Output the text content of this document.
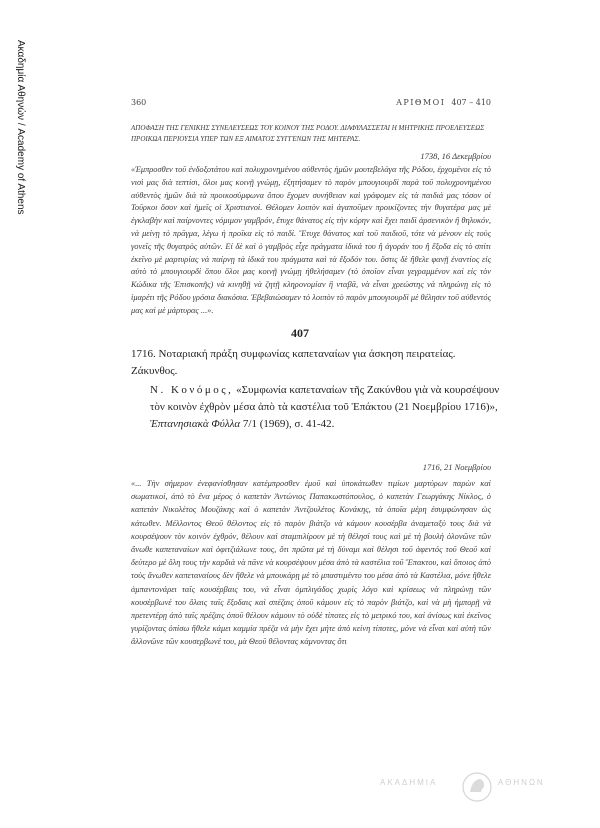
Ακαδημία Αθηνών / Academy of Athens	360	ΑΡΙΘΜΟΙ 407 – 410
ΑΠΟΦΑΣΗ ΤΗΣ ΓΕΝΙΚΗΣ ΣΥΝΕΛΕΥΣΕΩΣ ΤΟΥ ΚΟΙΝΟΥ ΤΗΣ ΡΟΔΟΥ. ΔΙΑΦΥΛΑΣΣΕΤΑΙ Η ΜΗΤΡΙΚΗΣ ΠΡΟΕΛΕΥΣΕΩΣ ΠΡΟΙΚΩΑ ΠΕΡΙΟΥΣΙΑ ΥΠΕΡ ΤΩΝ ΕΞ ΑΙΜΑΤΟΣ ΣΥΓΓΕΝΩΝ ΤΗΣ ΜΗΤΕΡΑΣ.
1738, 16 Δεκεμβρίου
«Έμπροσθεν τοῦ ἐνδοξοτάτου καὶ πολυχρονημένου αὐθεντὸς ἡμῶν μουτεβελάγα τῆς Ρόδου, ἐρχομένοι εἰς τὸ νισὶ μας διὰ τεπτίσι, ὅλοι μας κοινῇ γνώμῃ, ἐξητήσαμεν τὸ παρὸν μπουγιουρδὶ παρὰ τοῦ πολυχρονημένου αὐθεντὸς ἡμῶν διὰ τὰ προικοσύμφωνα ὅπου ἔχομεν συνήθειαν καὶ γράφομεν εἰς τὰ παιδιά μας τόσον οἱ Τοῦρκοι ὅσον καὶ ἡμεῖς οἱ Χριστιανοί. Θέλομεν λοιπὸν καὶ ἀγαποῦμεν προικίζοντες τὴν θυγατέρα μας μὲ ἐγκλαβὴν καὶ παίρνοντες νόμιμον γαμβρόν, ἔτυχε θάνατος εἰς τὴν κόρην καὶ ἔχει παιδὶ ἀρσενικὸν ἢ θηλυκόν, νὰ μείνῃ τὸ πρᾶγμα, λέγω ἡ προῖκα εἰς τὸ παιδί. Ἔτυχε θάνατος καὶ τοῦ παιδιοῦ, τότε νὰ μένουν εἰς τοὺς γονεῖς τῆς θυγατρὸς αὐτῶν. Εἰ δὲ καὶ ὁ γαμβρὸς εἶχε πράγματα ἰδικά του ἢ ἀγοράν του ἢ ἔξοδα εἰς τὸ σπίτι ἐκεῖνο μὲ μαρτυρίας νὰ παίρνῃ τὰ ἰδικά του πράγματα καὶ τὰ ἔξοδόν του. ὅστις δὲ ἤθελε φανῇ ἐναντίος εἰς αὐτὸ τὸ μπουγιουρδὶ ὅπου ὅλοι μας κοινῇ γνώμῃ ἠθελήσαμεν (τὸ ὁποῖον εἶναι γεγραμμένον καὶ εἰς τὸν Κώδικα τῆς Ἐπισκοπῆς) νὰ κινηθῇ νὰ ζητῇ κληρονομίαν ἢ νταβᾶ, νὰ εἶναι χρεώστης νὰ πληρώνῃ εἰς τὸ ἰμαρέτι τῆς Ρόδου γρόσια διακόσια. Ἐβεβαιώσαμεν τὸ λοιπὸν τὸ παρὸν μπουγιουρδὶ μὲ θέλησιν τοῦ αὐθεντός μας καὶ μὲ μάρτυρας ...».
407
1716. Νοταριακή πράξη συμφωνίας καπεταναίων για άσκηση πειρατείας. Ζάκυνθος.
Ν. Κονόμος, «Συμφωνία καπεταναίων τῆς Ζακύνθου γιὰ νὰ κουρσέψουν τὸν κοινὸν ἐχθρὸν μέσα ἀπὸ τὰ καστέλια τοῦ Ἐπάκτου (21 Νοεμβρίου 1716)», Ἑπτανησιακὰ Φύλλα 7/1 (1969), σ. 41-42.
1716, 21 Νοεμβρίου
«... Τὴν σήμερον ἐνεφανίσθησαν κατέμπροσθεν ἐμοῦ καὶ ὑποκάτωθεν τιμίων μαρτύρων παρὼν καὶ σωματικοί, ἀπὸ τὸ ἕνα μέρος ὁ καπετὰν Ἀντώνιος Παπακωστόπουλος, ὁ καπετὰν Γεωργάκης Νίκλος, ὁ καπετὰν Νικολέτος Μουζάκης καὶ ὁ καπετὰν Ἀντζουλέτος Κονάκης, τὰ ὁποῖα μέρη ἐσυμφώνησαν ὡς κάτωθεν. Μέλλοντος Θεοῦ θέλοντος εἰς τὸ παρὸν βιάτζο νὰ κάμουν κουσέρβα ἀναμεταξὺ τους διὰ νὰ κουρσέψουν τὸν κοινὸν ἐχθρόν, θέλουν καὶ σταμπιλίρουν μὲ τὴ θέλησί τους καὶ μὲ τὴ βουλὴ ὁλονῶνε τῶν ἄνωθε καπεταναίων καὶ ὀφιτζιάλωνε τους, ὅτι πρῶτα μὲ τὴ δύναμι καὶ θέλησι τοῦ ἀφεντός τοῦ Θεοῦ καὶ δεύτερο μὲ ὅλη τους τὴν καρδιὰ νὰ πᾶνε νὰ κουρσέψουν μέσα ἀπὸ τὰ καστέλια τοῦ Ἔπακτου, καὶ ὅποιος ἀπὸ τοὺς ἄνωθεν καπεταναίους δὲν ἤθελε νὰ μπουκάρῃ μὲ τὸ μπαστιμέντο του μέσα ἀπὸ τὰ Καστέλια, μόνε ἤθελε ἀμπαντονάρει ταῖς κουσέρβαις του, νὰ εἶναι ὀμπλιγάδος χωρὶς λόγο καὶ κρίσεως νὰ πληρώνῃ τῶν κουσέρβωνέ του ὅλαις ταῖς ἔξοδαις καὶ σπέζαις ὁποῦ κάμουν εἰς τὸ παρὸν βιάτζο, καὶ νὰ μὴ ἠμπορῇ νὰ πρετεντέρῃ ἀπὸ ταῖς πρέζαις ὁποῦ θέλουν κάμουν τὸ οὐδὲ τίποτες εἰς τὸ μετρικό του, καὶ ἀνίσως καὶ ἐκεῖνος γυρίζοντας ὀπίσω ἤθελε κάμει καμμία πρέζα νὰ μὴν ἔχει μήτε ἀπὸ κείνη τίποτες, μόνε νὰ εἶναι καὶ αὐτὴ τῶν ἄλλονῶνε τῶν κουσερβωνέ του, μὰ Θεοῦ θέλοντας κάμνοντας ὅτι
ΑΚΑΔΗΜΙΑ	ΑΘΗΝΩΝ
